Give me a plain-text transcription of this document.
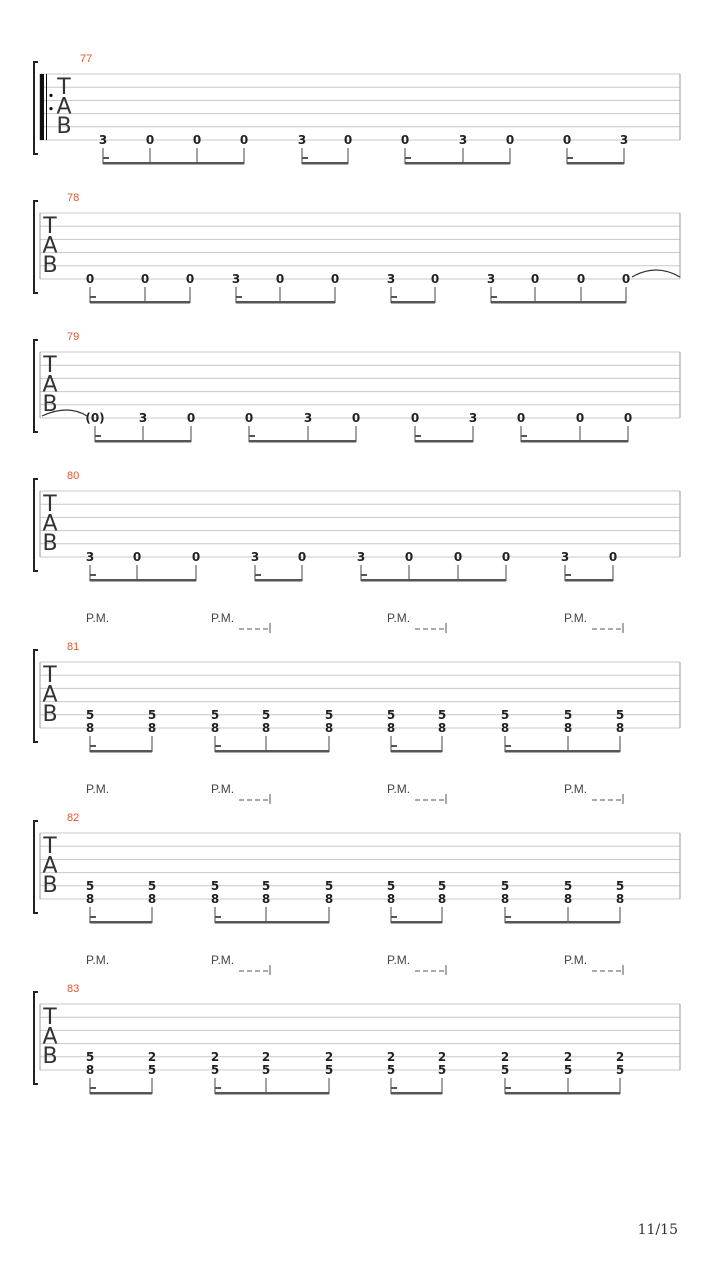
T
A
B
77
3	0	0	0	3	0	0	3	0	0	3
T
A
B
78
0	0	0	3	0	0	3	0	3	0	0	0
T
A
B
79
(0)	3	0	0	3	0	0	3	0	0	0
T
A
B
80
3	0	0	3	0	3	0	0	0	3	0
T
A
B
81
P.M.	P.M.	P.M.	P.M.
5
8
5
8
5
8
5
8
5
8
5
8
5
8
5
8
5
8
5
8
T
A
B
82
P.M.	P.M.	P.M.	P.M.
5
8
5
8
5
8
5
8
5
8
5
8
5
8
5
8
5
8
5
8
T
A
B
83
P.M.	P.M.	P.M.	P.M.
5
8
2
5
2
5
2
5
2
5
2
5
2
5
2
5
2
5
2
5
11/15
